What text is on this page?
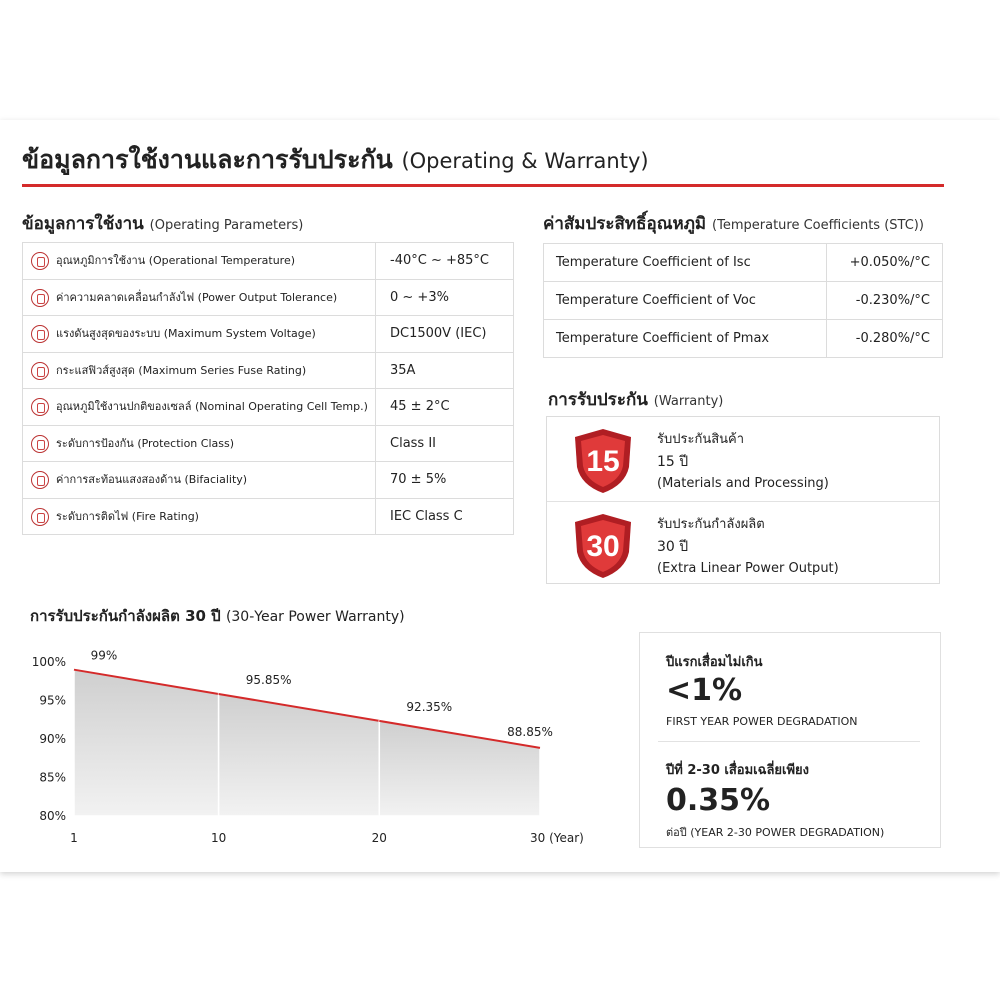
ข้อมูลการใช้งานและการรับประกัน (Operating & Warranty)
ข้อมูลการใช้งาน (Operating Parameters)
อุณหภูมิการใช้งาน (Operational Temperature)	-40°C ~ +85°C
ค่าความคลาดเคลื่อนกำลังไฟ (Power Output Tolerance)	0 ~ +3%
แรงดันสูงสุดของระบบ (Maximum System Voltage)	DC1500V (IEC)
กระแสฟิวส์สูงสุด (Maximum Series Fuse Rating)	35A
อุณหภูมิใช้งานปกติของเซลล์ (Nominal Operating Cell Temp.)	45 ± 2°C
ระดับการป้องกัน (Protection Class)	Class II
ค่าการสะท้อนแสงสองด้าน (Bifaciality)	70 ± 5%
ระดับการติดไฟ (Fire Rating)	IEC Class C
ค่าสัมประสิทธิ์อุณหภูมิ (Temperature Coefficients (STC))
Temperature Coefficient of Isc	+0.050%/°C
Temperature Coefficient of Voc	-0.230%/°C
Temperature Coefficient of Pmax	-0.280%/°C
การรับประกัน (Warranty)
15
รับประกันสินค้า
15 ปี
(Materials and Processing)
30
รับประกันกำลังผลิต
30 ปี
(Extra Linear Power Output)
การรับประกันกำลังผลิต 30 ปี (30-Year Power Warranty)
100%
95%
90%
85%
80%
99%
95.85%
92.35%
88.85%
1	10	20	30 (Year)
ปีแรกเสื่อมไม่เกิน
<1%
FIRST YEAR POWER DEGRADATION
ปีที่ 2-30 เสื่อมเฉลี่ยเพียง
0.35%
ต่อปี (YEAR 2-30 POWER DEGRADATION)
